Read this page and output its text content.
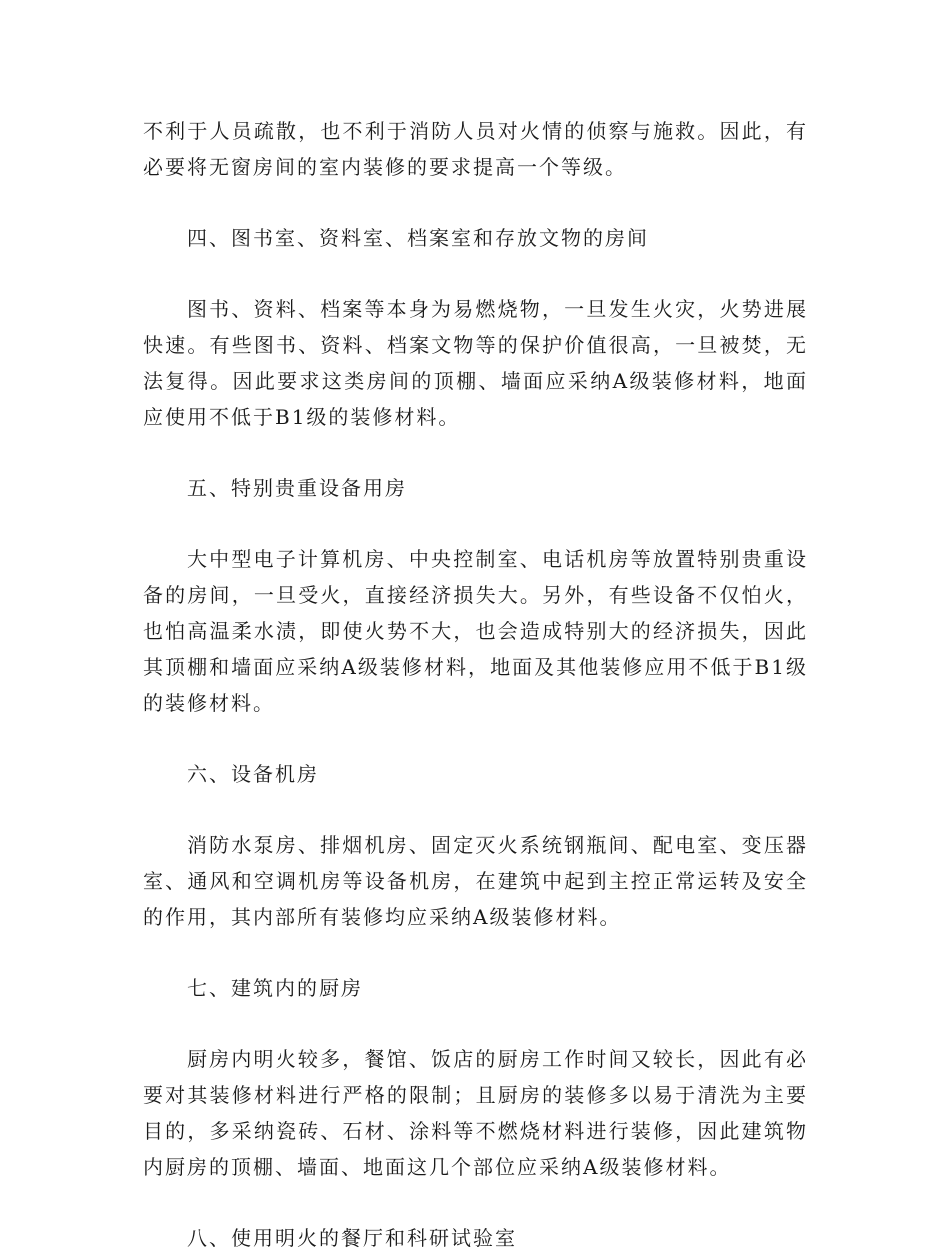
不利于人员疏散，也不利于消防人员对火情的侦察与施救。因此，有必要将无窗房间的室内装修的要求提高一个等级。

四、图书室、资料室、档案室和存放文物的房间

图书、资料、档案等本身为易燃烧物，一旦发生火灾，火势进展快速。有些图书、资料、档案文物等的保护价值很高，一旦被焚，无法复得。因此要求这类房间的顶棚、墙面应采纳A级装修材料，地面应使用不低于B1级的装修材料。

五、特别贵重设备用房

大中型电子计算机房、中央控制室、电话机房等放置特别贵重设备的房间，一旦受火，直接经济损失大。另外，有些设备不仅怕火，也怕高温柔水渍，即使火势不大，也会造成特别大的经济损失，因此其顶棚和墙面应采纳A级装修材料，地面及其他装修应用不低于B1级的装修材料。

六、设备机房

消防水泵房、排烟机房、固定灭火系统钢瓶间、配电室、变压器室、通风和空调机房等设备机房，在建筑中起到主控正常运转及安全的作用，其内部所有装修均应采纳A级装修材料。

七、建筑内的厨房

厨房内明火较多，餐馆、饭店的厨房工作时间又较长，因此有必要对其装修材料进行严格的限制；且厨房的装修多以易于清洗为主要目的，多采纳瓷砖、石材、涂料等不燃烧材料进行装修，因此建筑物内厨房的顶棚、墙面、地面这几个部位应采纳A级装修材料。

八、使用明火的餐厅和科研试验室
